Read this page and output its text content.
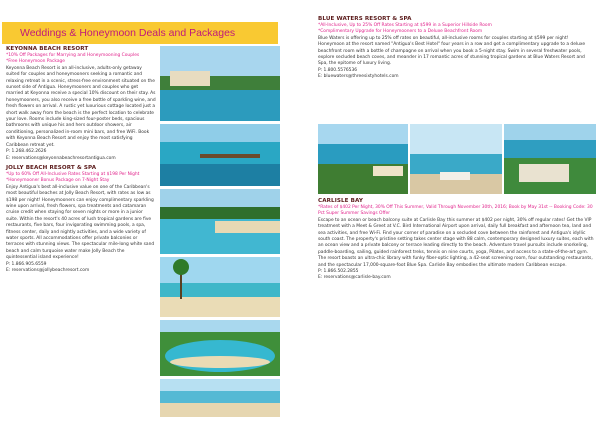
Weddings & Honeymoon Deals and Packages

KEYONNA BEACH RESORT

*10% Off Packages for Marrying and Honeymooning Couples

*Free Honeymoon Package

Keyonna Beach Resort is an all-inclusive, adults-only getaway suited for couples and honeymooners seeking a romantic and relaxing retreat in a scenic, stress-free environment situated on the sunset side of Antigua. Honeymooners and couples who get married at Keyonna receive a special 10% discount on their stay. As honeymooners, you also receive a free bottle of sparkling wine, and fresh flowers on arrival. A rustic yet luxurious cottage located just a short walk away from the beach is the perfect location to celebrate your love. Rooms include king-sized four-poster beds, spacious bathrooms with unique his and hers outdoor showers, air conditioning, personalized in-room mini bars, and free WiFi. Book with Keyonna Beach Resort and enjoy the most satisfying Caribbean retreat yet.

P: 1.268.462.2626

E: reservations@keyonnabeachresortantigua.com

JOLLY BEACH RESORT & SPA

*Up to 60% Off All-Inclusive Rates Starting at $198 Per Night

*Honeymooner Bonus Package on 7-Night Stay

Enjoy Antigua's best all-inclusive value on one of the Caribbean's most beautiful beaches at Jolly Beach Resort, with rates as low as $198 per night! Honeymooners can enjoy complimentary sparkling wine upon arrival, fresh flowers, spa treatments and catamaran cruise credit when staying for seven nights or more in a junior suite. Within the resort's 40 acres of lush tropical gardens are five restaurants, five bars, four invigorating swimming pools, a spa, fitness center, daily and nightly activities, and a wide variety of water sports. All accommodations offer private balconies or terraces with stunning views. The spectacular mile-long white sand beach and calm turquoise water make Jolly Beach the quintessential island experience!

P: 1.866.905.6559

E: reservations@jollybeachresort.com

BLUE WATERS RESORT & SPA

*All-Inclusive, Up to 25% Off Rates Starting at $599 in a Superior Hillside Room

*Complimentary Upgrade for Honeymooners to a Deluxe Beachfront Room

Blue Waters is offering up to 25% off rates on beautiful, all-inclusive rooms for couples starting at $599 per night! Honeymoon at the resort named "Antigua's Best Hotel" four years in a row and get a complimentary upgrade to a deluxe beachfront room with a bottle of champagne on arrival when you book a 5-night stay. Swim in several freshwater pools, explore secluded beach coves, and meander in 17 romantic acres of stunning tropical gardens at Blue Waters Resort and Spa, the epitome of luxury living.

P: 1.800.5576536

E: bluewaters@threesixtyhotels.com

CARLISLE BAY

*Rates of $402 Per Night, 30% Off This Summer, Valid Through November 30th, 2016; Book by May 31st -- Booking Code: 30 Pct Super Summer Savings Offer

Escape to an ocean or beach balcony suite at Carlisle Bay this summer at $402 per night, 30% off regular rates! Get the VIP treatment with a Meet & Greet at V.C. Bird International Airport upon arrival, daily full breakfast and afternoon tea, land and sea activities, and free Wi-Fi. Find your corner of paradise on a secluded cove between the rainforest and Antigua's idyllic south coast. The property's pristine setting takes center stage with 88 calm, contemporary designed luxury suites, each with an ocean view and a private balcony or terrace leading directly to the beach. Adventure travel pursuits include snorkeling, paddle-boarding, sailing, guided rainforest treks, tennis on nine courts, yoga, Pilates, and access to a state-of-the-art gym. The resort boasts an ultra-chic library with funky fiber-optic lighting, a 42-seat screening room, four outstanding restaurants, and the spectacular 17,000-square-foot Blue Spa. Carlisle Bay embodies the ultimate modern Caribbean escape.

P: 1.866.502.2855

E: reservations@carlisle-bay.com
